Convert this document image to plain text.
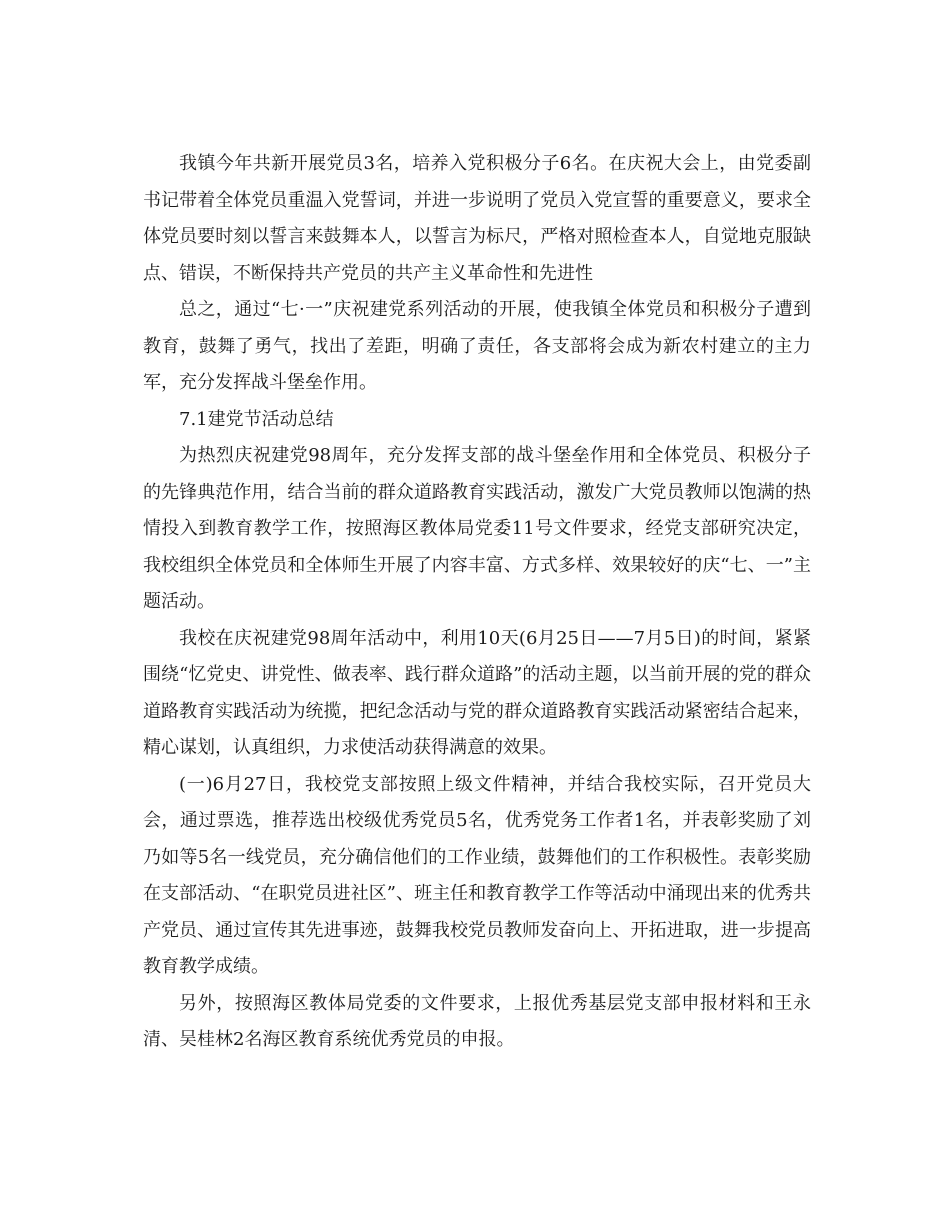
我镇今年共新开展党员3名，培养入党积极分子6名。在庆祝大会上，由党委副书记带着全体党员重温入党誓词，并进一步说明了党员入党宣誓的重要意义，要求全体党员要时刻以誓言来鼓舞本人，以誓言为标尺，严格对照检查本人，自觉地克服缺点、错误，不断保持共产党员的共产主义革命性和先进性

总之，通过“七·一”庆祝建党系列活动的开展，使我镇全体党员和积极分子遭到教育，鼓舞了勇气，找出了差距，明确了责任，各支部将会成为新农村建立的主力军，充分发挥战斗堡垒作用。

7.1建党节活动总结

为热烈庆祝建党98周年，充分发挥支部的战斗堡垒作用和全体党员、积极分子的先锋典范作用，结合当前的群众道路教育实践活动，激发广大党员教师以饱满的热情投入到教育教学工作，按照海区教体局党委11号文件要求，经党支部研究决定，我校组织全体党员和全体师生开展了内容丰富、方式多样、效果较好的庆“七、一”主题活动。

我校在庆祝建党98周年活动中，利用10天(6月25日——7月5日)的时间，紧紧围绕“忆党史、讲党性、做表率、践行群众道路”的活动主题，以当前开展的党的群众道路教育实践活动为统揽，把纪念活动与党的群众道路教育实践活动紧密结合起来，精心谋划，认真组织，力求使活动获得满意的效果。

(一)6月27日，我校党支部按照上级文件精神，并结合我校实际，召开党员大会，通过票选，推荐选出校级优秀党员5名，优秀党务工作者1名，并表彰奖励了刘乃如等5名一线党员，充分确信他们的工作业绩，鼓舞他们的工作积极性。表彰奖励在支部活动、“在职党员进社区”、班主任和教育教学工作等活动中涌现出来的优秀共产党员、通过宣传其先进事迹，鼓舞我校党员教师发奋向上、开拓进取，进一步提高教育教学成绩。

另外，按照海区教体局党委的文件要求，上报优秀基层党支部申报材料和王永清、吴桂林2名海区教育系统优秀党员的申报。
